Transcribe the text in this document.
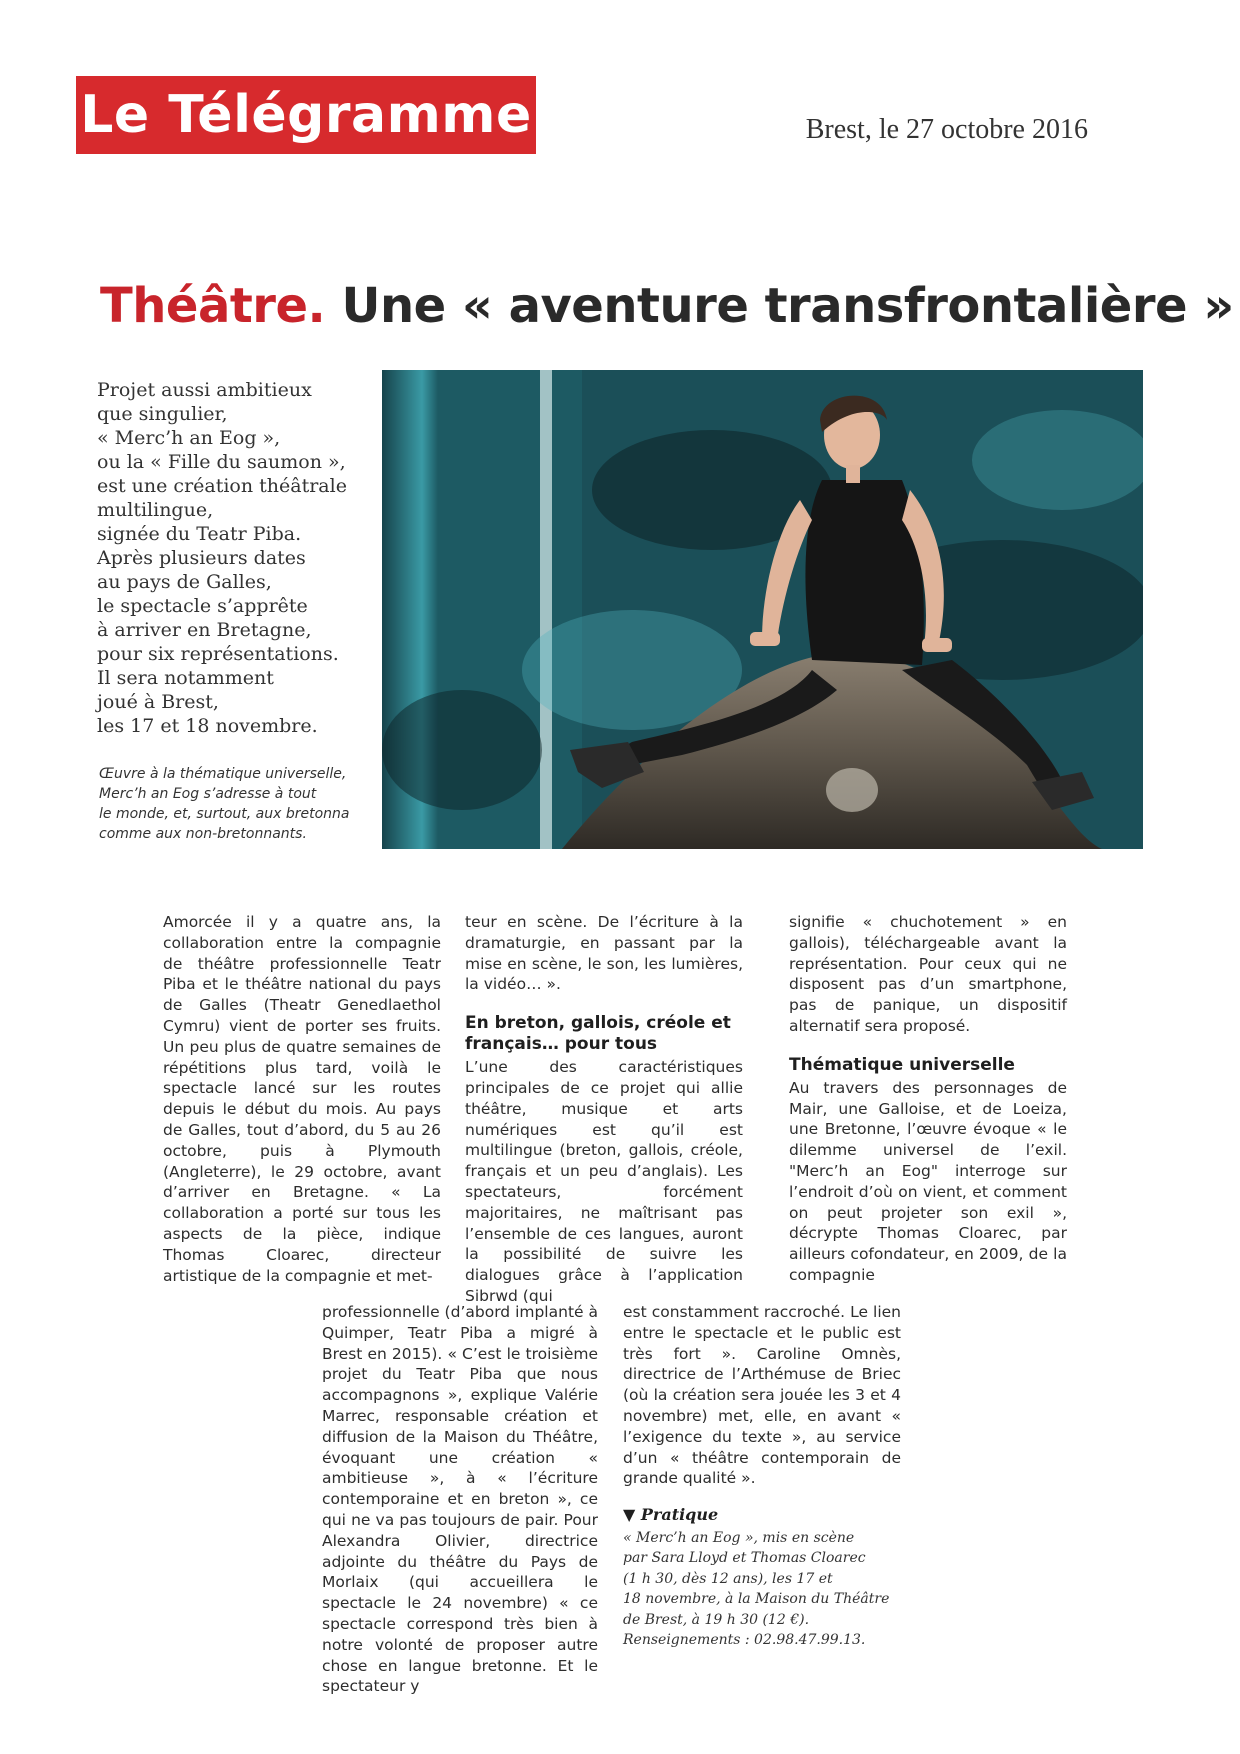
Le Télégramme	Brest, le 27 octobre 2016
Théâtre. Une « aventure transfrontalière »
Projet aussi ambitieux
que singulier,
« Merc’h an Eog »,
ou la « Fille du saumon »,
est une création théâtrale
multilingue,
signée du Teatr Piba.
Après plusieurs dates
au pays de Galles,
le spectacle s’apprête
à arriver en Bretagne,
pour six représentations.
Il sera notamment
joué à Brest,
les 17 et 18 novembre.
Œuvre à la thématique universelle,
Merc’h an Eog s’adresse à tout
le monde, et, surtout, aux bretonna
comme aux non-bretonnants.

Amorcée il y a quatre ans, la collaboration entre la compagnie de théâtre professionnelle Teatr Piba et le théâtre national du pays de Galles (Theatr Genedlaethol Cymru) vient de porter ses fruits. Un peu plus de quatre semaines de répétitions plus tard, voilà le spectacle lancé sur les routes depuis le début du mois. Au pays de Galles, tout d’abord, du 5 au 26 octobre, puis à Plymouth (Angleterre), le 29 octobre, avant d’arriver en Bretagne. « La collaboration a porté sur tous les aspects de la pièce, indique Thomas Cloarec, directeur artistique de la compagnie et met-

teur en scène. De l’écriture à la dramaturgie, en passant par la mise en scène, le son, les lumières, la vidéo… ».

En breton, gallois, créole et français… pour tous

L’une des caractéristiques principales de ce projet qui allie théâtre, musique et arts numériques est qu’il est multilingue (breton, gallois, créole, français et un peu d’anglais). Les spectateurs, forcément majoritaires, ne maîtrisant pas l’ensemble de ces langues, auront la possibilité de suivre les dialogues grâce à l’application Sibrwd (qui

signifie « chuchotement » en gallois), téléchargeable avant la représentation. Pour ceux qui ne disposent pas d’un smartphone, pas de panique, un dispositif alternatif sera proposé.

Thématique universelle

Au travers des personnages de Mair, une Galloise, et de Loeiza, une Bretonne, l’œuvre évoque « le dilemme universel de l’exil. "Merc’h an Eog" interroge sur l’endroit d’où on vient, et comment on peut projeter son exil », décrypte Thomas Cloarec, par ailleurs cofondateur, en 2009, de la compagnie

professionnelle (d’abord implanté à Quimper, Teatr Piba a migré à Brest en 2015). « C’est le troisième projet du Teatr Piba que nous accompagnons », explique Valérie Marrec, responsable création et diffusion de la Maison du Théâtre, évoquant une création « ambitieuse », à « l’écriture contemporaine et en breton », ce qui ne va pas toujours de pair. Pour Alexandra Olivier, directrice adjointe du théâtre du Pays de Morlaix (qui accueillera le spectacle le 24 novembre) « ce spectacle correspond très bien à notre volonté de proposer autre chose en langue bretonne. Et le spectateur y

est constamment raccroché. Le lien entre le spectacle et le public est très fort ». Caroline Omnès, directrice de l’Arthémuse de Briec (où la création sera jouée les 3 et 4 novembre) met, elle, en avant « l’exigence du texte », au service d’un « théâtre contemporain de grande qualité ».

▼ Pratique
« Merc’h an Eog », mis en scène
par Sara Lloyd et Thomas Cloarec
(1 h 30, dès 12 ans), les 17 et
18 novembre, à la Maison du Théâtre
de Brest, à 19 h 30 (12 €).
Renseignements : 02.98.47.99.13.
